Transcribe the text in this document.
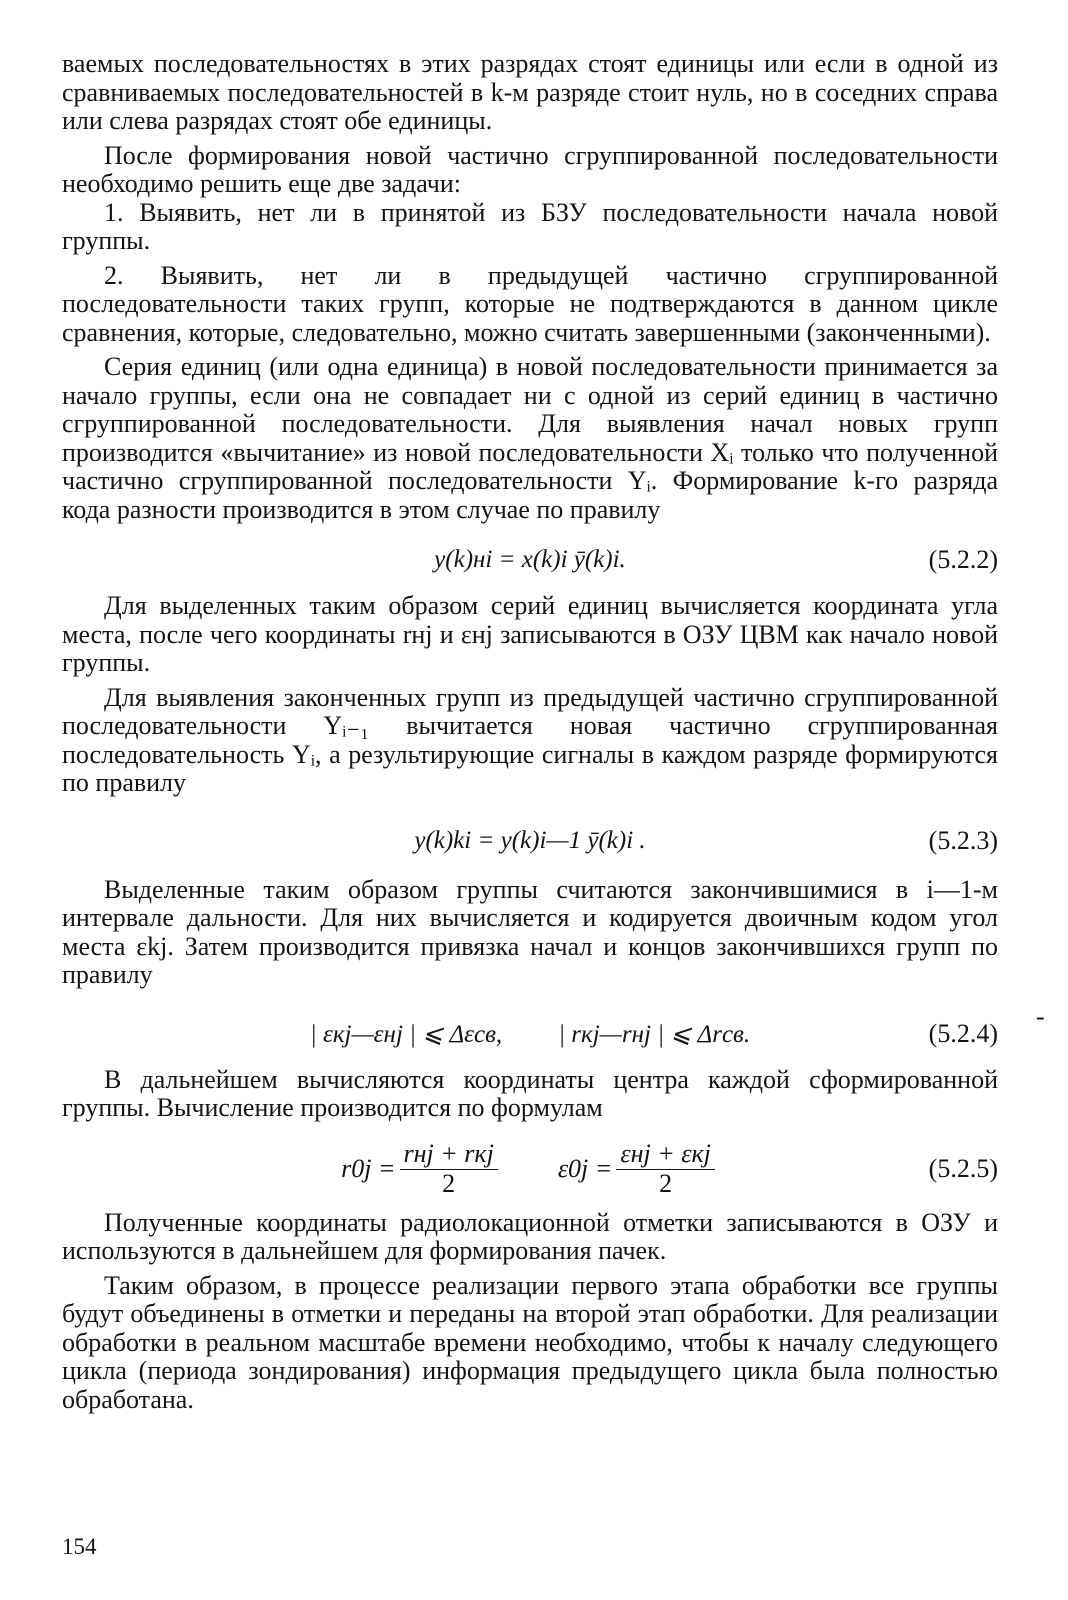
ваемых последовательностях в этих разрядах стоят единицы или если в одной из сравниваемых последовательностей в k-м разряде стоит нуль, но в соседних справа или слева разрядах стоят обе единицы.

После формирования новой частично сгруппированной последовательности необходимо решить еще две задачи:

1. Выявить, нет ли в принятой из БЗУ последовательности начала новой группы.

2. Выявить, нет ли в предыдущей частично сгруппированной последовательности таких групп, которые не подтверждаются в данном цикле сравнения, которые, следовательно, можно считать завершенными (законченными).

Серия единиц (или одна единица) в новой последовательности принимается за начало группы, если она не совпадает ни с одной из серий единиц в частично сгруппированной последовательности. Для выявления начал новых групп производится «вычитание» из новой последовательности Xᵢ только что полученной частично сгруппированной последовательности Yᵢ. Формирование k-го разряда кода разности производится в этом случае по правилу

y(k)нi = x(k)i ȳ(k)i.	(5.2.2)

Для выделенных таким образом серий единиц вычисляется координата угла места, после чего координаты rнj и εнj записываются в ОЗУ ЦВМ как начало новой группы.

Для выявления законченных групп из предыдущей частично сгруппированной последовательности Yᵢ₋₁ вычитается новая частично сгруппированная последовательность Yᵢ, а результирующие сигналы в каждом разряде формируются по правилу

y(k)ki = y(k)i—1 ȳ(k)i .	(5.2.3)

Выделенные таким образом группы считаются закончившимися в i—1-м интервале дальности. Для них вычисляется и кодируется двоичным кодом угол места εkj. Затем производится привязка начал и концов закончившихся групп по правилу

| εкj—εнj | ⩽ Δεсв, | rкj—rнj | ⩽ Δrсв.	(5.2.4)

В дальнейшем вычисляются координаты центра каждой сформированной группы. Вычисление производится по формулам

$r0j = \frac{\text{rнj + rкj}}{2} \varepsilon 0j = \frac{\text{εнj + εкj}}{2}$	(5.2.5)

Полученные координаты радиолокационной отметки записываются в ОЗУ и используются в дальнейшем для формирования пачек.

Таким образом, в процессе реализации первого этапа обработки все группы будут объединены в отметки и переданы на второй этап обработки. Для реализации обработки в реальном масштабе времени необходимо, чтобы к началу следующего цикла (периода зондирования) информация предыдущего цикла была полностью обработана.

-
154
